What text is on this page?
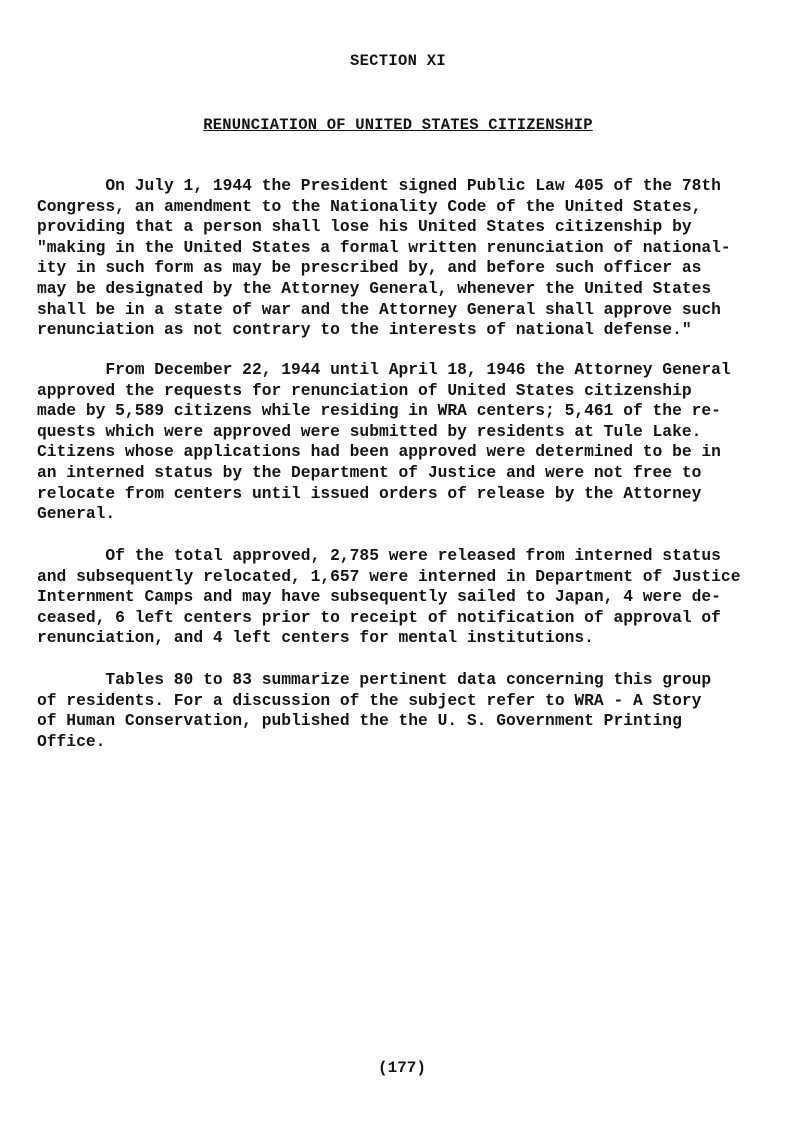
SECTION XI
RENUNCIATION OF UNITED STATES CITIZENSHIP
On July 1, 1944 the President signed Public Law 405 of the 78th
Congress, an amendment to the Nationality Code of the United States,
providing that a person shall lose his United States citizenship by
"making in the United States a formal written renunciation of national-
ity in such form as may be prescribed by, and before such officer as
may be designated by the Attorney General, whenever the United States
shall be in a state of war and the Attorney General shall approve such
renunciation as not contrary to the interests of national defense."
From December 22, 1944 until April 18, 1946 the Attorney General
approved the requests for renunciation of United States citizenship
made by 5,589 citizens while residing in WRA centers; 5,461 of the re-
quests which were approved were submitted by residents at Tule Lake.
Citizens whose applications had been approved were determined to be in
an interned status by the Department of Justice and were not free to
relocate from centers until issued orders of release by the Attorney
General.
Of the total approved, 2,785 were released from interned status
and subsequently relocated, 1,657 were interned in Department of Justice
Internment Camps and may have subsequently sailed to Japan, 4 were de-
ceased, 6 left centers prior to receipt of notification of approval of
renunciation, and 4 left centers for mental institutions.
Tables 80 to 83 summarize pertinent data concerning this group
of residents. For a discussion of the subject refer to WRA - A Story
of Human Conservation, published the the U. S. Government Printing
Office.
(177)
